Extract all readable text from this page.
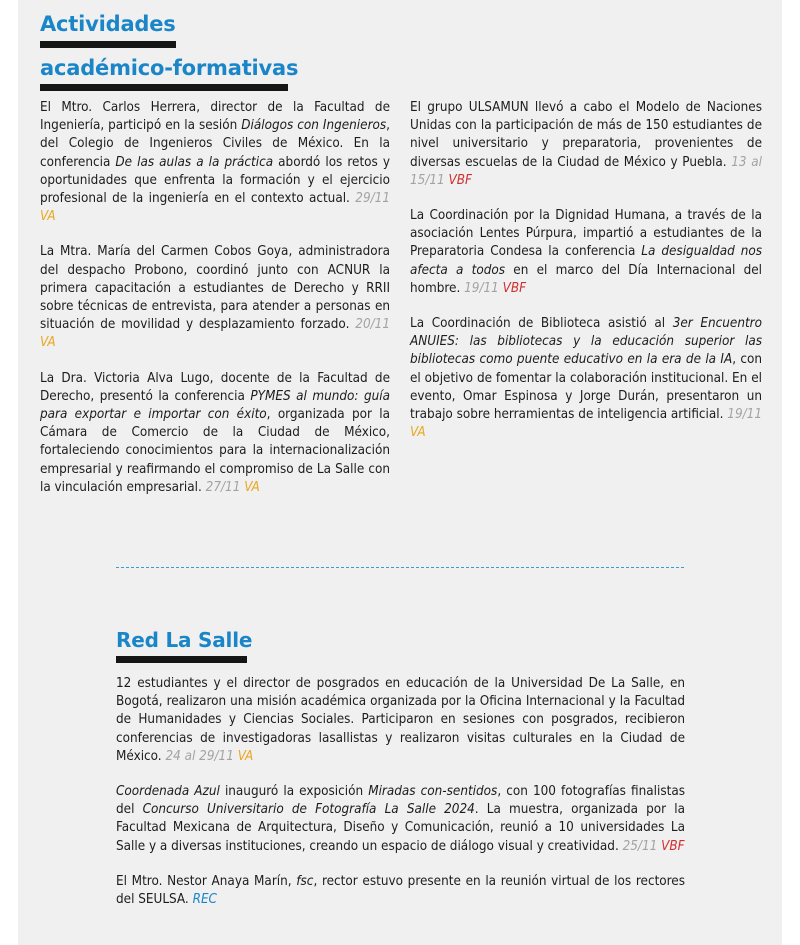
Actividades
académico-formativas

El Mtro. Carlos Herrera, director de la Facultad de Ingeniería, participó en la sesión Diálogos con Ingenieros, del Colegio de Ingenieros Civiles de México. En la conferencia De las aulas a la práctica abordó los retos y oportunidades que enfrenta la formación y el ejercicio profesional de la ingeniería en el contexto actual. 29/11 VA

La Mtra. María del Carmen Cobos Goya, administradora del despacho Probono, coordinó junto con ACNUR la primera capacitación a estudiantes de Derecho y RRII sobre técnicas de entrevista, para atender a personas en situación de movilidad y desplazamiento forzado. 20/11 VA

La Dra. Victoria Alva Lugo, docente de la Facultad de Derecho, presentó la conferencia PYMES al mundo: guía para exportar e importar con éxito, organizada por la Cámara de Comercio de la Ciudad de México, fortaleciendo conocimientos para la internacionalización empresarial y reafirmando el compromiso de La Salle con la vinculación empresarial. 27/11 VA

El grupo ULSAMUN llevó a cabo el Modelo de Naciones Unidas con la participación de más de 150 estudiantes de nivel universitario y preparatoria, provenientes de diversas escuelas de la Ciudad de México y Puebla. 13 al 15/11 VBF

La Coordinación por la Dignidad Humana, a través de la asociación Lentes Púrpura, impartió a estudiantes de la Preparatoria Condesa la conferencia La desigualdad nos afecta a todos en el marco del Día Internacional del hombre. 19/11 VBF

La Coordinación de Biblioteca asistió al 3er Encuentro ANUIES: las bibliotecas y la educación superior las bibliotecas como puente educativo en la era de la IA, con el objetivo de fomentar la colaboración institucional. En el evento, Omar Espinosa y Jorge Durán, presentaron un trabajo sobre herramientas de inteligencia artificial. 19/11 VA

Red La Salle

12 estudiantes y el director de posgrados en educación de la Universidad De La Salle, en Bogotá, realizaron una misión académica organizada por la Oficina Internacional y la Facultad de Humanidades y Ciencias Sociales. Participaron en sesiones con posgrados, recibieron conferencias de investigadoras lasallistas y realizaron visitas culturales en la Ciudad de México. 24 al 29/11 VA

Coordenada Azul inauguró la exposición Miradas con-sentidos, con 100 fotografías finalistas del Concurso Universitario de Fotografía La Salle 2024. La muestra, organizada por la Facultad Mexicana de Arquitectura, Diseño y Comunicación, reunió a 10 universidades La Salle y a diversas instituciones, creando un espacio de diálogo visual y creatividad. 25/11 VBF

El Mtro. Nestor Anaya Marín, fsc, rector estuvo presente en la reunión virtual de los rectores del SEULSA. REC
